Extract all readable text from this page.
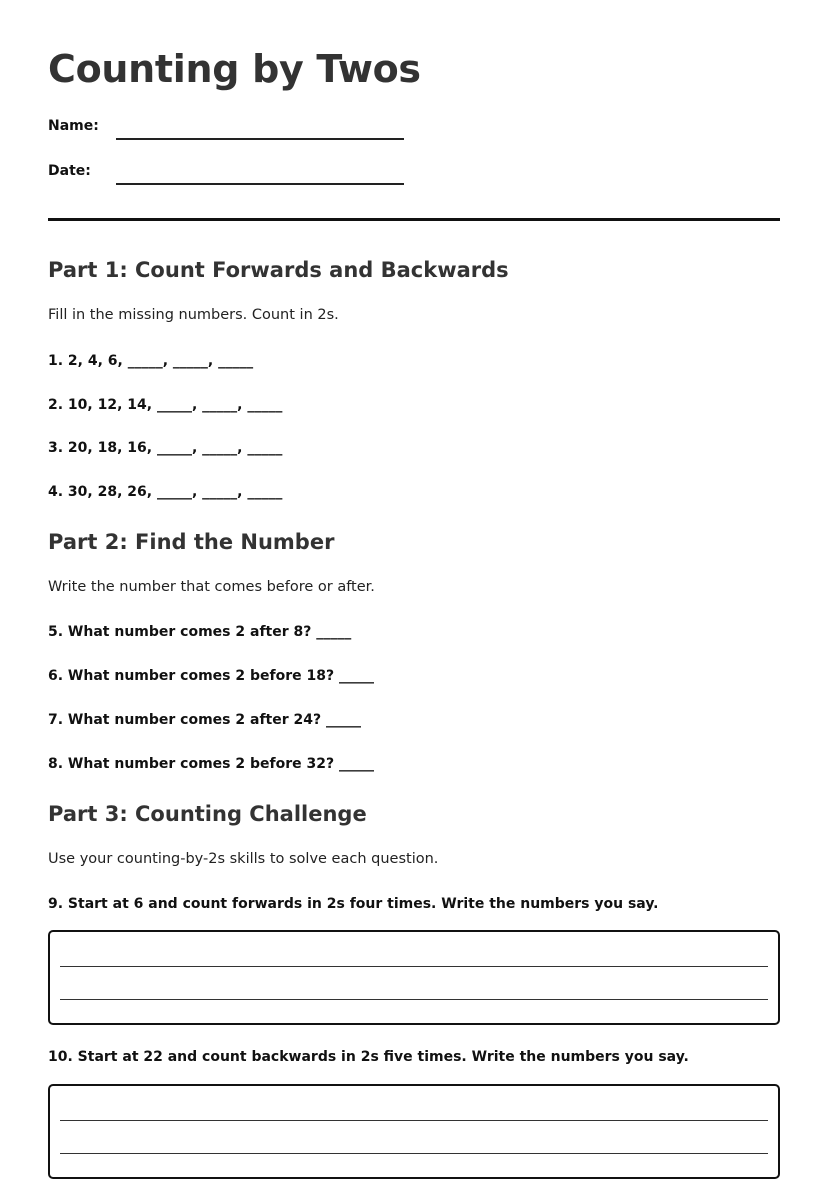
Counting by Twos
Name:
Date:
Part 1: Count Forwards and Backwards
Fill in the missing numbers. Count in 2s.
1. 2, 4, 6, _____, _____, _____
2. 10, 12, 14, _____, _____, _____
3. 20, 18, 16, _____, _____, _____
4. 30, 28, 26, _____, _____, _____
Part 2: Find the Number
Write the number that comes before or after.
5. What number comes 2 after 8? _____
6. What number comes 2 before 18? _____
7. What number comes 2 after 24? _____
8. What number comes 2 before 32? _____
Part 3: Counting Challenge
Use your counting-by-2s skills to solve each question.
9. Start at 6 and count forwards in 2s four times. Write the numbers you say.
10. Start at 22 and count backwards in 2s five times. Write the numbers you say.
